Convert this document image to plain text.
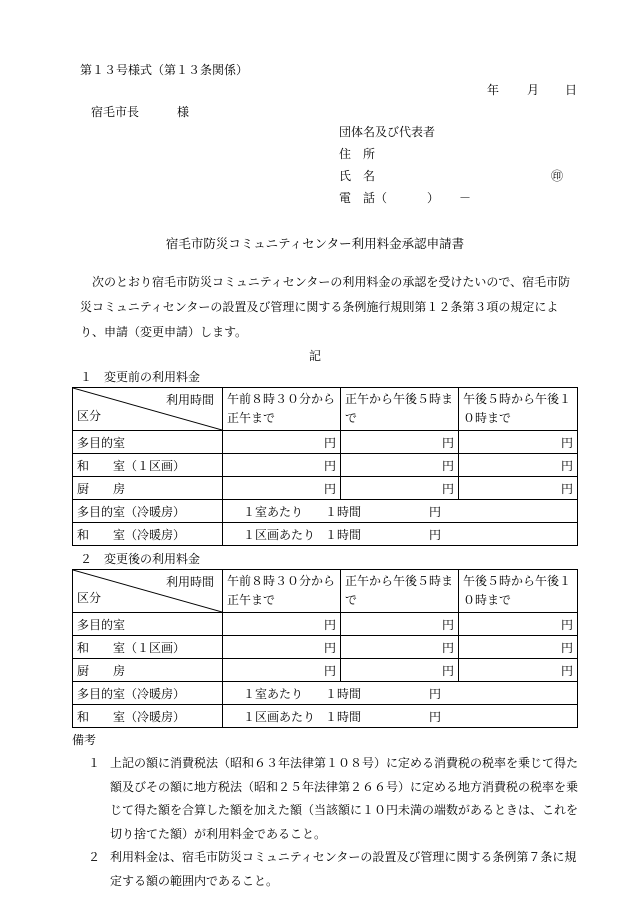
第１３号様式（第１３条関係）
年 月 日
宿毛市長	様
団体名及び代表者
住　所
氏　名	㊞
電　話（	） －
宿毛市防災コミュニティセンター利用料金承認申請書

次のとおり宿毛市防災コミュニティセンターの利用料金の承認を受けたいので、宿毛市防災コミュニティセンターの設置及び管理に関する条例施行規則第１２条第３項の規定により、申請（変更申請）します。

記
１　変更前の利用料金
利用時間
区分	午前８時３０分から正午まで	正午から午後５時まで	午後５時から午後１０時まで
多目的室	円	円	円
和　　室（１区画）	円	円	円
厨　　房	円	円	円
多目的室（冷暖房）	１室あたり １時間 円		
和　　室（冷暖房）	１区画あたり １時間 円		
２　変更後の利用料金
利用時間
区分	午前８時３０分から正午まで	正午から午後５時まで	午後５時から午後１０時まで
多目的室	円	円	円
和　　室（１区画）	円	円	円
厨　　房	円	円	円
多目的室（冷暖房）	１室あたり １時間 円		
和　　室（冷暖房）	１区画あたり １時間 円		
備考
１ 上記の額に消費税法（昭和６３年法律第１０８号）に定める消費税の税率を乗じて得た額及びその額に地方税法（昭和２５年法律第２６６号）に定める地方消費税の税率を乗じて得た額を合算した額を加えた額（当該額に１０円未満の端数があるときは、これを切り捨てた額）が利用料金であること。
２ 利用料金は、宿毛市防災コミュニティセンターの設置及び管理に関する条例第７条に規定する額の範囲内であること。
